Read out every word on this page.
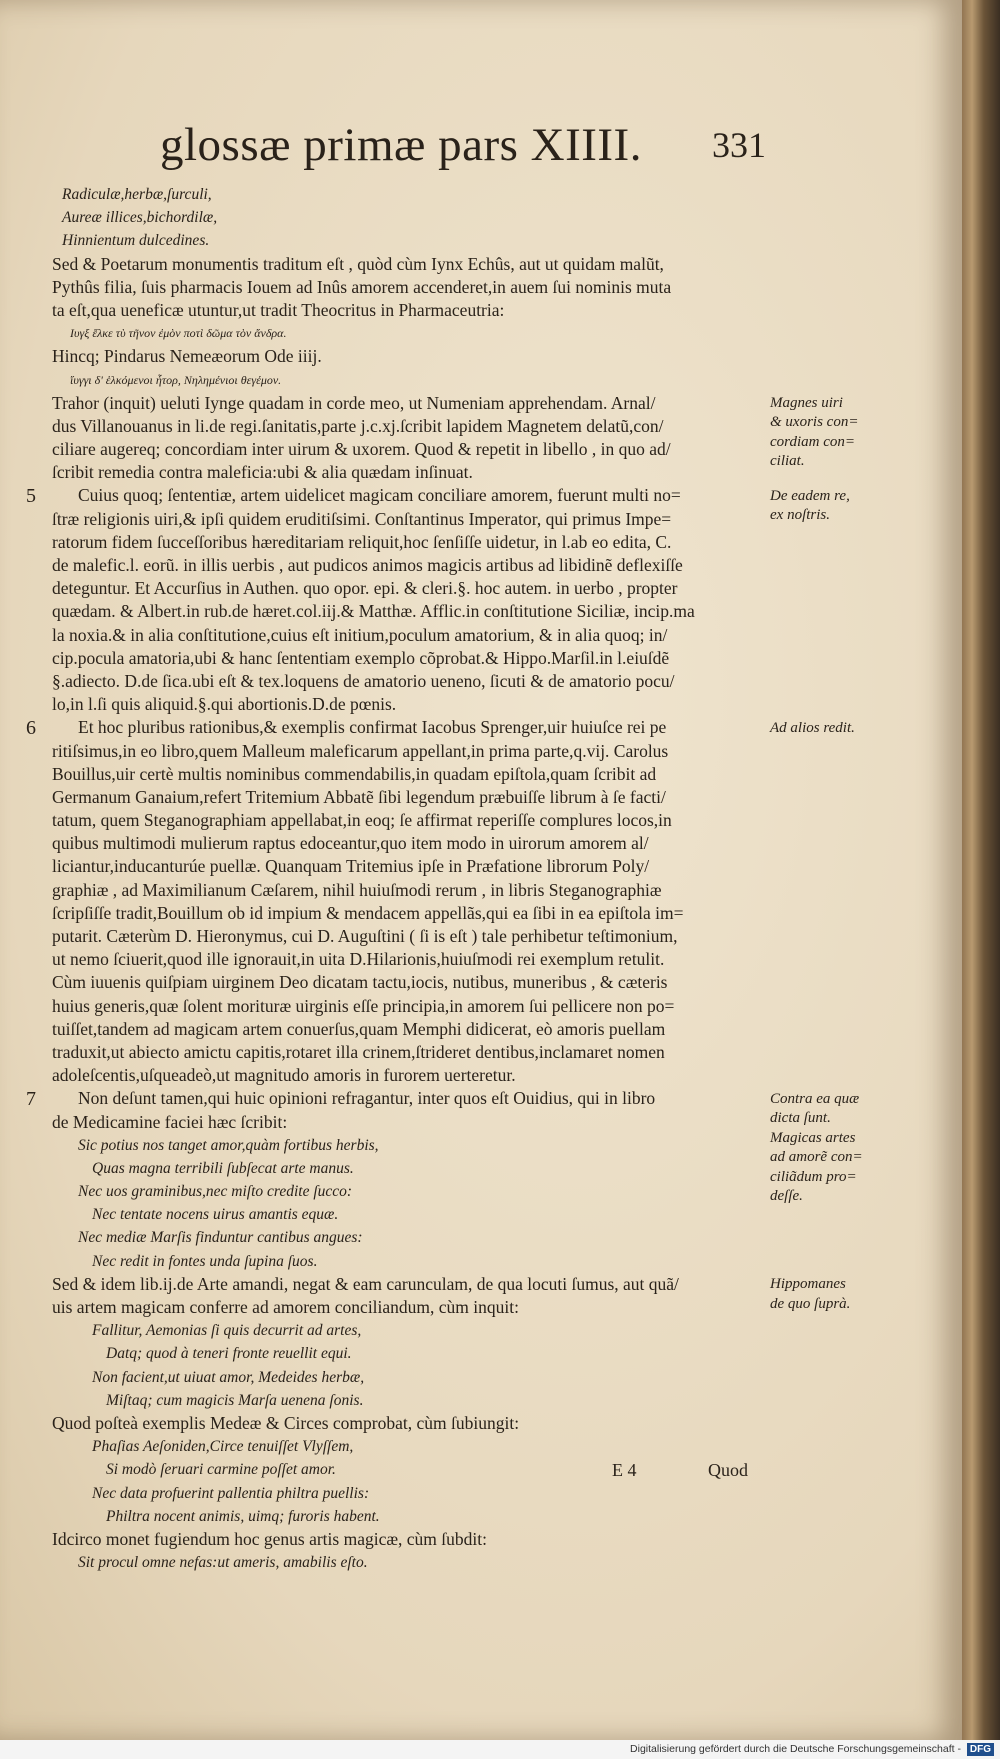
glossæ primæ pars XIIII.	331
Radiculæ,herbæ,ſurculi,
Aureæ illices,bichordilæ,
Hinnientum dulcedines.
Sed & Poetarum monumentis traditum eſt , quòd cùm Iynx Echûs, aut ut quidam malũt,
Pythûs filia, ſuis pharmacis Iouem ad Inûs amorem accenderet,in auem ſui nominis muta
ta eſt,qua ueneficæ utuntur,ut tradit Theocritus in Pharmaceutria:
Ιυγξ ἕλκε τὺ τῆνον ἐμὸν ποτὶ δῶμα τὸν ἄνδρα.
Hincq; Pindarus Nemeæorum Ode iiij.
ἴυγγι δ' ἑλκόμενοι ἦτορ, Νηλημένιοι θεγέμον.
Trahor (inquit) ueluti Iynge quadam in corde meo, ut Numeniam apprehendam. Arnal/
dus Villanouanus in li.de regi.ſanitatis,parte j.c.xj.ſcribit lapidem Magnetem delatũ,con/
ciliare augereq; concordiam inter uirum & uxorem. Quod & repetit in libello , in quo ad/
ſcribit remedia contra maleficia:ubi & alia quædam inſinuat.
Cuius quoq; ſententiæ, artem uidelicet magicam conciliare amorem, fuerunt multi no=
ſtræ religionis uiri,& ipſi quidem eruditiſsimi. Conſtantinus Imperator, qui primus Impe=
ratorum fidem ſucceſſoribus hæreditariam reliquit,hoc ſenſiſſe uidetur, in l.ab eo edita, C.
de malefic.l. eorũ. in illis uerbis , aut pudicos animos magicis artibus ad libidinẽ deflexiſſe
deteguntur. Et Accurſius in Authen. quo opor. epi. & cleri.§. hoc autem. in uerbo , propter
quædam. & Albert.in rub.de hæret.col.iij.& Matthæ. Afflic.in conſtitutione Siciliæ, incip.ma
la noxia.& in alia conſtitutione,cuius eſt initium,poculum amatorium, & in alia quoq; in/
cip.pocula amatoria,ubi & hanc ſententiam exemplo cõprobat.& Hippo.Marſil.in l.eiuſdẽ
§.adiecto. D.de ſica.ubi eſt & tex.loquens de amatorio ueneno, ſicuti & de amatorio pocu/
lo,in l.ſi quis aliquid.§.qui abortionis.D.de pœnis.
Et hoc pluribus rationibus,& exemplis confirmat Iacobus Sprenger,uir huiuſce rei pe
ritiſsimus,in eo libro,quem Malleum maleficarum appellant,in prima parte,q.vij. Carolus
Bouillus,uir certè multis nominibus commendabilis,in quadam epiſtola,quam ſcribit ad
Germanum Ganaium,refert Tritemium Abbatẽ ſibi legendum præbuiſſe librum à ſe facti/
tatum, quem Steganographiam appellabat,in eoq; ſe affirmat reperiſſe complures locos,in
quibus multimodi mulierum raptus edoceantur,quo item modo in uirorum amorem al/
liciantur,inducanturúe puellæ. Quanquam Tritemius ipſe in Præfatione librorum Poly/
graphiæ , ad Maximilianum Cæſarem, nihil huiuſmodi rerum , in libris Steganographiæ
ſcripſiſſe tradit,Bouillum ob id impium & mendacem appellãs,qui ea ſibi in ea epiſtola im=
putarit. Cæterùm D. Hieronymus, cui D. Auguſtini ( ſi is eſt ) tale perhibetur teſtimonium,
ut nemo ſciuerit,quod ille ignorauit,in uita D.Hilarionis,huiuſmodi rei exemplum retulit.
Cùm iuuenis quiſpiam uirginem Deo dicatam tactu,iocis, nutibus, muneribus , & cæteris
huius generis,quæ ſolent morituræ uirginis eſſe principia,in amorem ſui pellicere non po=
tuiſſet,tandem ad magicam artem conuerſus,quam Memphi didicerat, eò amoris puellam
traduxit,ut abiecto amictu capitis,rotaret illa crinem,ſtrideret dentibus,inclamaret nomen
adoleſcentis,uſqueadeò,ut magnitudo amoris in furorem uerteretur.
Non deſunt tamen,qui huic opinioni refragantur, inter quos eſt Ouidius, qui in libro
de Medicamine faciei hæc ſcribit:
Sic potius nos tanget amor,quàm fortibus herbis,
Quas magna terribili ſubſecat arte manus.
Nec uos graminibus,nec miſto credite ſucco:
Nec tentate nocens uirus amantis equæ.
Nec mediæ Marſis finduntur cantibus angues:
Nec redit in fontes unda ſupina ſuos.
Sed & idem lib.ij.de Arte amandi, negat & eam carunculam, de qua locuti ſumus, aut quã/
uis artem magicam conferre ad amorem conciliandum, cùm inquit:
Fallitur, Aemonias ſi quis decurrit ad artes,
Datq; quod à teneri fronte reuellit equi.
Non facient,ut uiuat amor, Medeides herbæ,
Miſtaq; cum magicis Marſa uenena ſonis.
Quod poſteà exemplis Medeæ & Circes comprobat, cùm ſubiungit:
Phaſias Aeſoniden,Circe tenuiſſet Vlyſſem,
Si modò ſeruari carmine poſſet amor.
Nec data profuerint pallentia philtra puellis:
Philtra nocent animis, uimq; furoris habent.
Idcirco monet fugiendum hoc genus artis magicæ, cùm ſubdit:
Sit procul omne nefas:ut ameris, amabilis eſto.
5
6
7
Magnes uiri
& uxoris con=
cordiam con=
ciliat.
De eadem re,
ex noſtris.
Ad alios redit.
Contra ea quæ
dicta ſunt.
Magicas artes
ad amorẽ con=
ciliãdum pro=
deſſe.
Hippomanes
de quo ſuprà.
E 4	Quod
Digitalisierung gefördert durch die Deutsche Forschungsgemeinschaft - DFG
